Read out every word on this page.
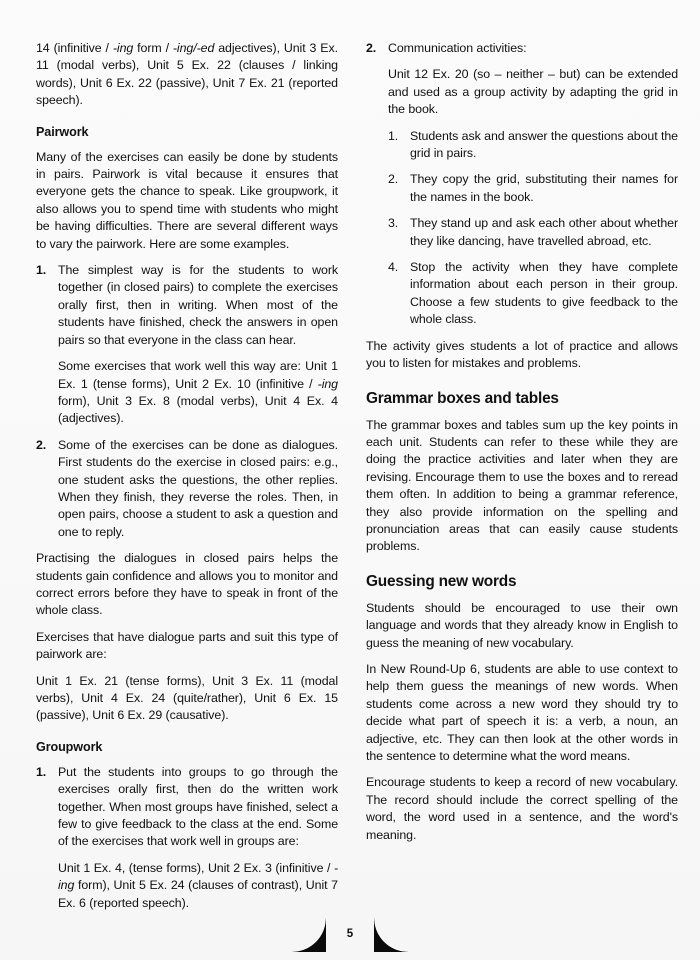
14 (infinitive / -ing form / -ing/-ed adjectives), Unit 3 Ex. 11 (modal verbs), Unit 5 Ex. 22 (clauses / linking words), Unit 6 Ex. 22 (passive), Unit 7 Ex. 21 (reported speech).

Pairwork

Many of the exercises can easily be done by students in pairs. Pairwork is vital because it ensures that everyone gets the chance to speak. Like groupwork, it also allows you to spend time with students who might be having difficulties. There are several different ways to vary the pairwork. Here are some examples.

1. The simplest way is for the students to work together (in closed pairs) to complete the exercises orally first, then in writing. When most of the students have finished, check the answers in open pairs so that everyone in the class can hear.

Some exercises that work well this way are: Unit 1 Ex. 1 (tense forms), Unit 2 Ex. 10 (infinitive / -ing form), Unit 3 Ex. 8 (modal verbs), Unit 4 Ex. 4 (adjectives).

2. Some of the exercises can be done as dialogues. First students do the exercise in closed pairs: e.g., one student asks the questions, the other replies. When they finish, they reverse the roles. Then, in open pairs, choose a student to ask a question and one to reply.

Practising the dialogues in closed pairs helps the students gain confidence and allows you to monitor and correct errors before they have to speak in front of the whole class.

Exercises that have dialogue parts and suit this type of pairwork are:

Unit 1 Ex. 21 (tense forms), Unit 3 Ex. 11 (modal verbs), Unit 4 Ex. 24 (quite/rather), Unit 6 Ex. 15 (passive), Unit 6 Ex. 29 (causative).

Groupwork
1. Put the students into groups to go through the exercises orally first, then do the written work together. When most groups have finished, select a few to give feedback to the class at the end. Some of the exercises that work well in groups are:

Unit 1 Ex. 4, (tense forms), Unit 2 Ex. 3 (infinitive / -ing form), Unit 5 Ex. 24 (clauses of contrast), Unit 7 Ex. 6 (reported speech).

2. Communication activities:

Unit 12 Ex. 20 (so – neither – but) can be extended and used as a group activity by adapting the grid in the book.

1. Students ask and answer the questions about the grid in pairs.

2. They copy the grid, substituting their names for the names in the book.

3. They stand up and ask each other about whether they like dancing, have travelled abroad, etc.

4. Stop the activity when they have complete information about each person in their group. Choose a few students to give feedback to the whole class.

The activity gives students a lot of practice and allows you to listen for mistakes and problems.

Grammar boxes and tables

The grammar boxes and tables sum up the key points in each unit. Students can refer to these while they are doing the practice activities and later when they are revising. Encourage them to use the boxes and to reread them often. In addition to being a grammar reference, they also provide information on the spelling and pronunciation areas that can easily cause students problems.

Guessing new words

Students should be encouraged to use their own language and words that they already know in English to guess the meaning of new vocabulary.

In New Round-Up 6, students are able to use context to help them guess the meanings of new words. When students come across a new word they should try to decide what part of speech it is: a verb, a noun, an adjective, etc. They can then look at the other words in the sentence to determine what the word means.

Encourage students to keep a record of new vocabulary. The record should include the correct spelling of the word, the word used in a sentence, and the word's meaning.

5
